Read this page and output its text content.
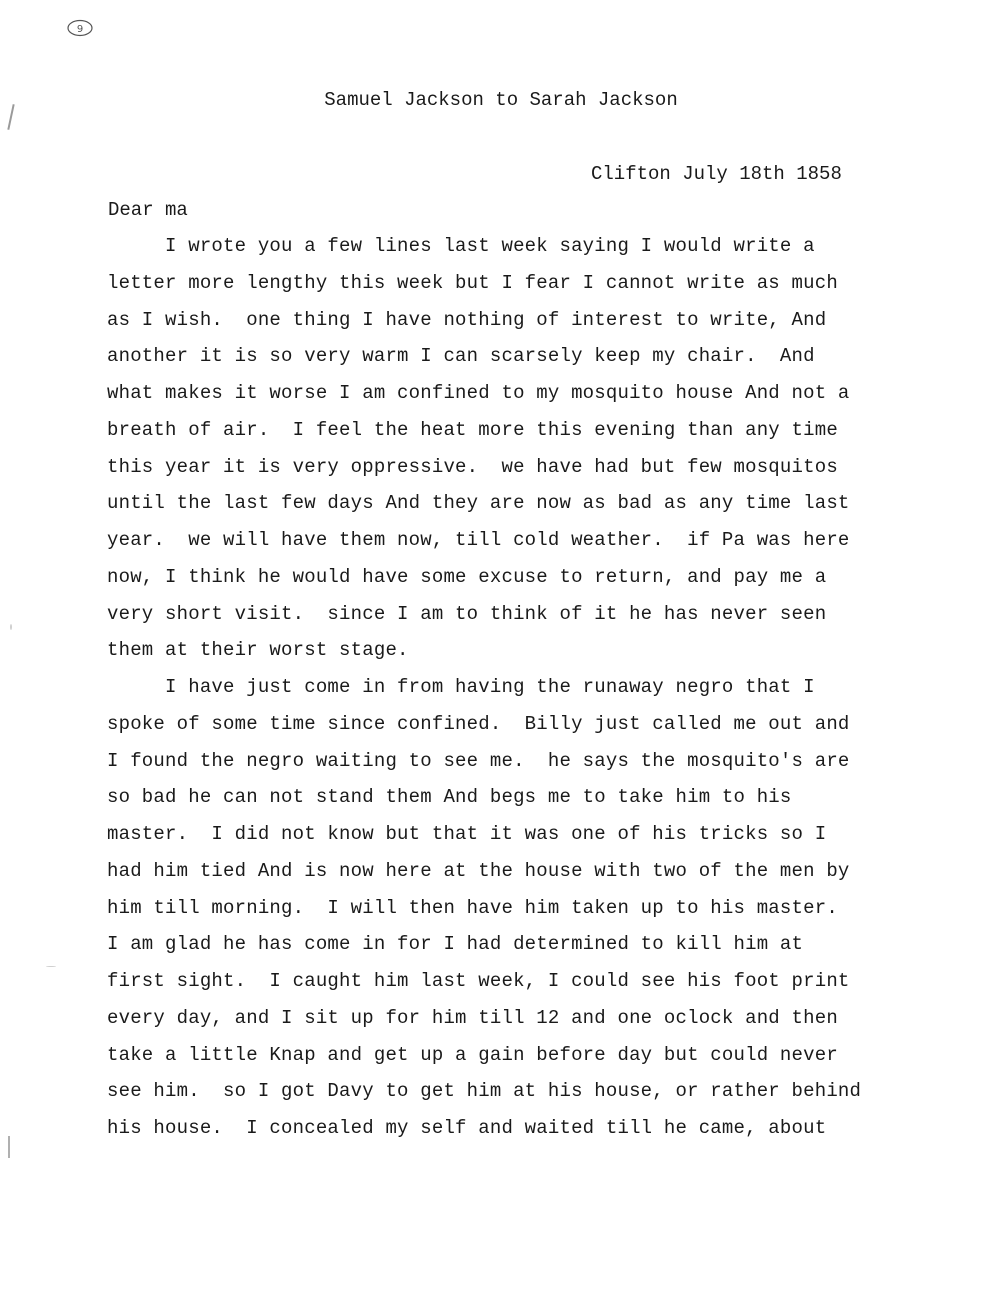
9
Samuel Jackson to Sarah Jackson
Clifton July 18th 1858
Dear ma
I wrote you a few lines last week saying I would write a
letter more lengthy this week but I fear I cannot write as much
as I wish.  one thing I have nothing of interest to write, And
another it is so very warm I can scarsely keep my chair.  And
what makes it worse I am confined to my mosquito house And not a
breath of air.  I feel the heat more this evening than any time
this year it is very oppressive.  we have had but few mosquitos
until the last few days And they are now as bad as any time last
year.  we will have them now, till cold weather.  if Pa was here
now, I think he would have some excuse to return, and pay me a
very short visit.  since I am to think of it he has never seen
them at their worst stage.
I have just come in from having the runaway negro that I
spoke of some time since confined.  Billy just called me out and
I found the negro waiting to see me.  he says the mosquito's are
so bad he can not stand them And begs me to take him to his
master.  I did not know but that it was one of his tricks so I
had him tied And is now here at the house with two of the men by
him till morning.  I will then have him taken up to his master.
I am glad he has come in for I had determined to kill him at
first sight.  I caught him last week, I could see his foot print
every day, and I sit up for him till 12 and one oclock and then
take a little Knap and get up a gain before day but could never
see him.  so I got Davy to get him at his house, or rather behind
his house.  I concealed my self and waited till he came, about
